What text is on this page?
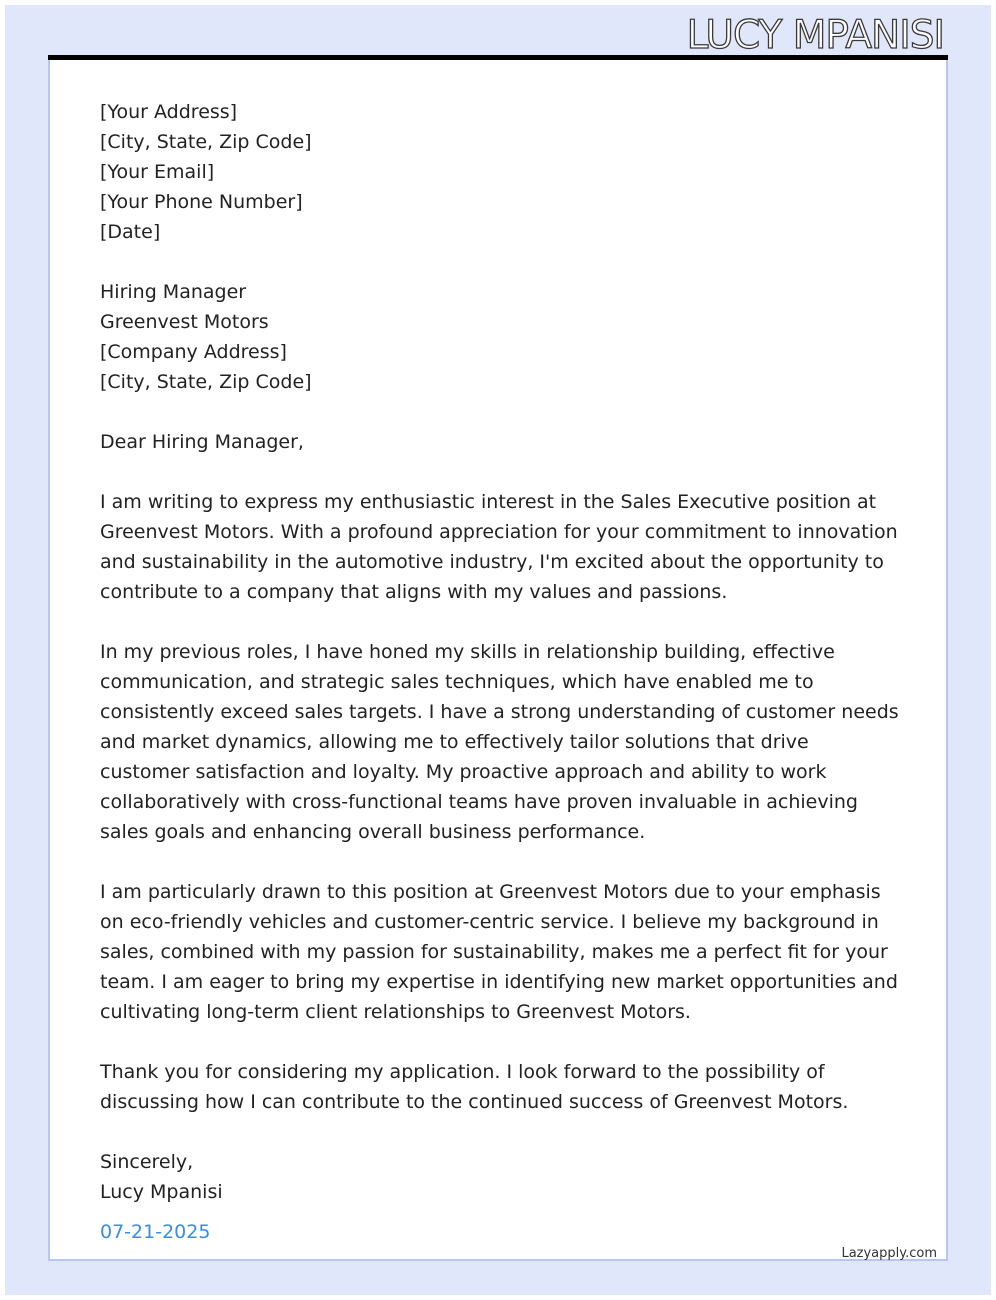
LUCY MPANISI
[Your Address]
[City, State, Zip Code]
[Your Email]
[Your Phone Number]
[Date]
Hiring Manager
Greenvest Motors
[Company Address]
[City, State, Zip Code]
Dear Hiring Manager,
I am writing to express my enthusiastic interest in the Sales Executive position at Greenvest Motors. With a profound appreciation for your commitment to innovation and sustainability in the automotive industry, I'm excited about the opportunity to contribute to a company that aligns with my values and passions.
In my previous roles, I have honed my skills in relationship building, effective communication, and strategic sales techniques, which have enabled me to consistently exceed sales targets. I have a strong understanding of customer needs and market dynamics, allowing me to effectively tailor solutions that drive customer satisfaction and loyalty. My proactive approach and ability to work collaboratively with cross-functional teams have proven invaluable in achieving sales goals and enhancing overall business performance.
I am particularly drawn to this position at Greenvest Motors due to your emphasis on eco-friendly vehicles and customer-centric service. I believe my background in sales, combined with my passion for sustainability, makes me a perfect fit for your team. I am eager to bring my expertise in identifying new market opportunities and cultivating long-term client relationships to Greenvest Motors.
Thank you for considering my application. I look forward to the possibility of discussing how I can contribute to the continued success of Greenvest Motors.
Sincerely,
Lucy Mpanisi
07-21-2025
Lazyapply.com
